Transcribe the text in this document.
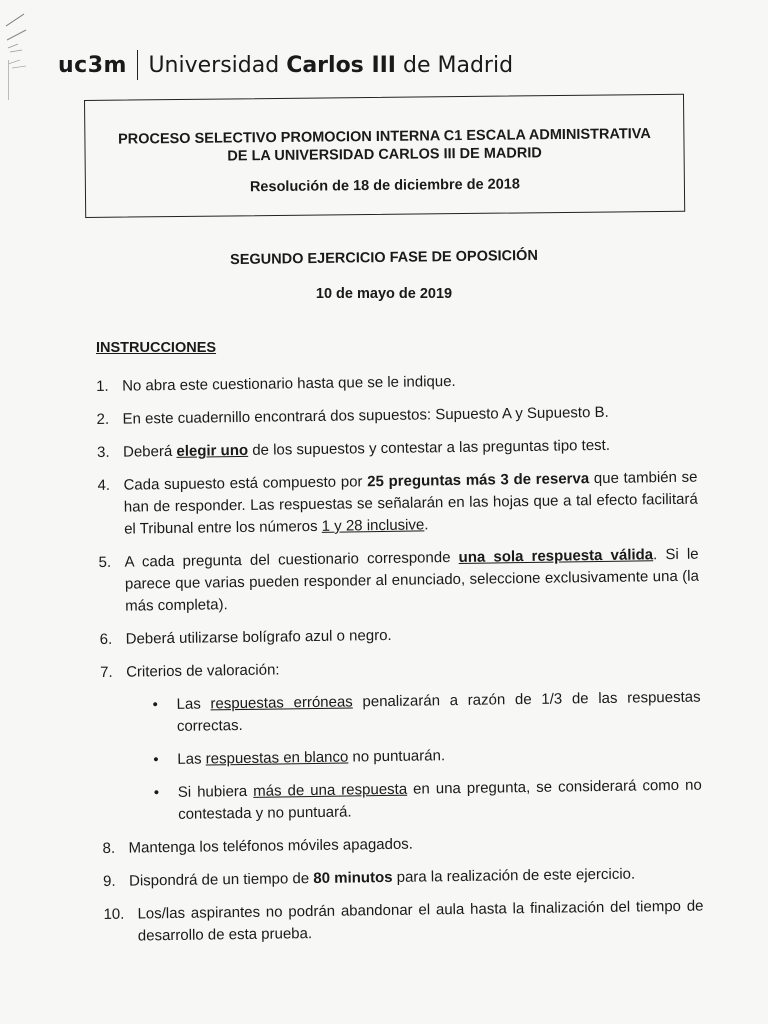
uc3m Universidad Carlos III de Madrid
PROCESO SELECTIVO PROMOCION INTERNA C1 ESCALA ADMINISTRATIVA
DE LA UNIVERSIDAD CARLOS III DE MADRID
Resolución de 18 de diciembre de 2018
SEGUNDO EJERCICIO FASE DE OPOSICIÓN
10 de mayo de 2019
INSTRUCCIONES
1. No abra este cuestionario hasta que se le indique.
2. En este cuadernillo encontrará dos supuestos: Supuesto A y Supuesto B.
3. Deberá elegir uno de los supuestos y contestar a las preguntas tipo test.
4. Cada supuesto está compuesto por 25 preguntas más 3 de reserva que también se han de responder. Las respuestas se señalarán en las hojas que a tal efecto facilitará el Tribunal entre los números 1 y 28 inclusive.
5. A cada pregunta del cuestionario corresponde una sola respuesta válida. Si le parece que varias pueden responder al enunciado, seleccione exclusivamente una (la más completa).
6. Deberá utilizarse bolígrafo azul o negro.
7. Criterios de valoración:
• Las respuestas erróneas penalizarán a razón de 1/3 de las respuestas correctas.
• Las respuestas en blanco no puntuarán.
• Si hubiera más de una respuesta en una pregunta, se considerará como no contestada y no puntuará.
8. Mantenga los teléfonos móviles apagados.
9. Dispondrá de un tiempo de 80 minutos para la realización de este ejercicio.
10. Los/las aspirantes no podrán abandonar el aula hasta la finalización del tiempo de desarrollo de esta prueba.
